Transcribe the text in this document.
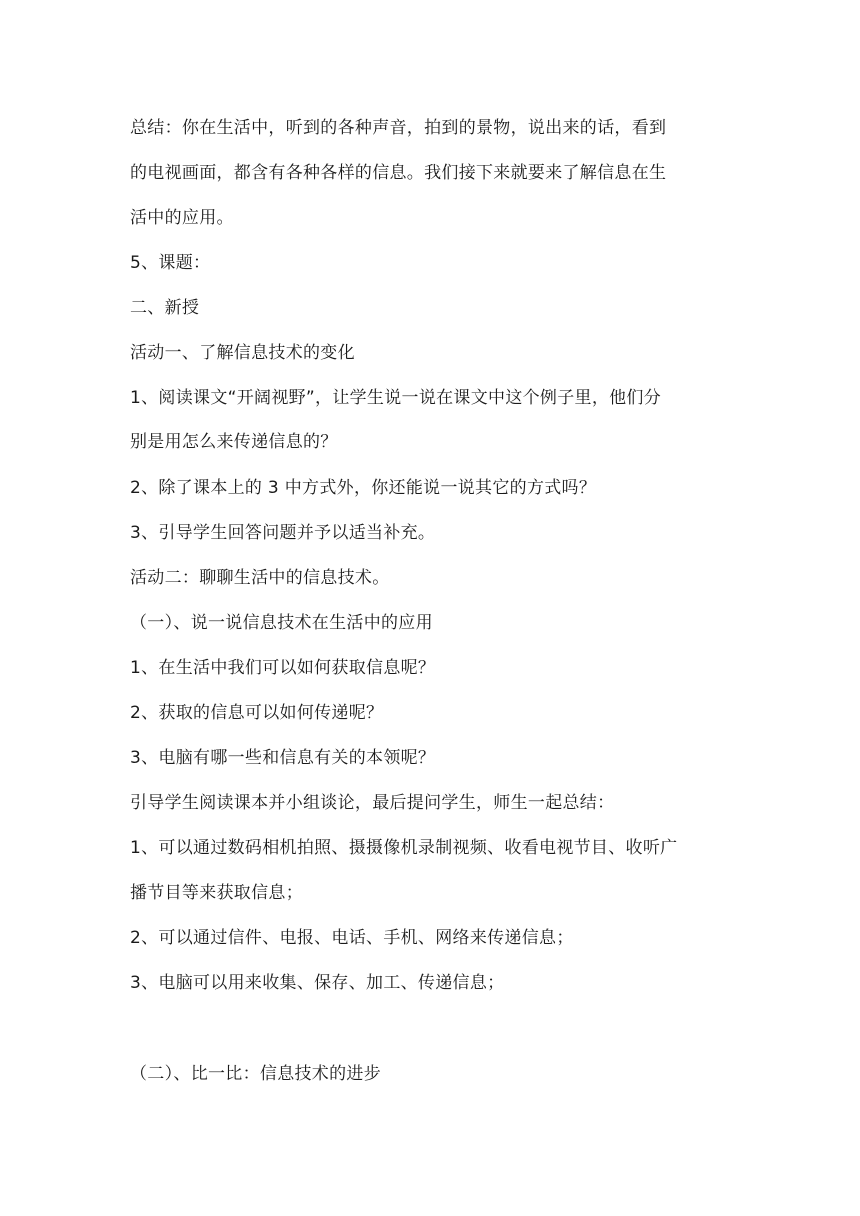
总结：你在生活中，听到的各种声音，拍到的景物，说出来的话，看到
的电视画面，都含有各种各样的信息。我们接下来就要来了解信息在生
活中的应用。
5、课题：
二、新授
活动一、了解信息技术的变化
1、阅读课文“开阔视野”，让学生说一说在课文中这个例子里，他们分
别是用怎么来传递信息的？
2、除了课本上的 3 中方式外，你还能说一说其它的方式吗？
3、引导学生回答问题并予以适当补充。
活动二：聊聊生活中的信息技术。
（一）、说一说信息技术在生活中的应用
1、在生活中我们可以如何获取信息呢？
2、获取的信息可以如何传递呢？
3、电脑有哪一些和信息有关的本领呢？
引导学生阅读课本并小组谈论，最后提问学生，师生一起总结：
1、可以通过数码相机拍照、摄摄像机录制视频、收看电视节目、收听广
播节目等来获取信息；
2、可以通过信件、电报、电话、手机、网络来传递信息；
3、电脑可以用来收集、保存、加工、传递信息；
（二）、比一比：信息技术的进步
